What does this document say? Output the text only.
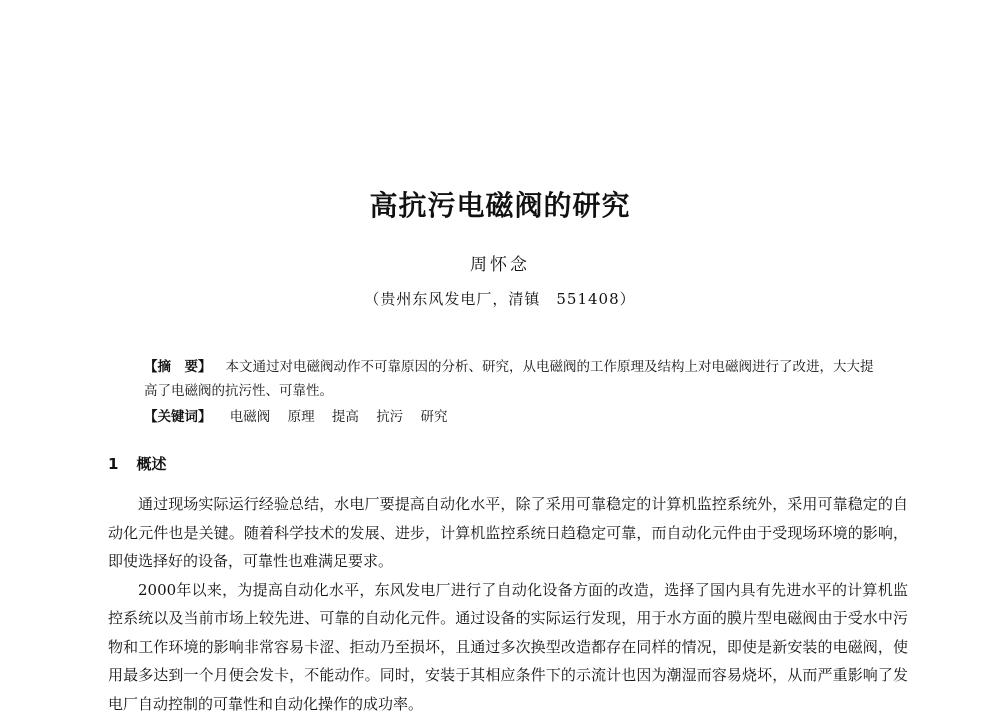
高抗污电磁阀的研究
周怀念
（贵州东风发电厂，清镇　551408）
【摘　要】 本文通过对电磁阀动作不可靠原因的分析、研究，从电磁阀的工作原理及结构上对电磁阀进行了改进，大大提高了电磁阀的抗污性、可靠性。
【关键词】 电磁阀 原理 提高 抗污 研究
1 概述

通过现场实际运行经验总结，水电厂要提高自动化水平，除了采用可靠稳定的计算机监控系统外，采用可靠稳定的自动化元件也是关键。随着科学技术的发展、进步，计算机监控系统日趋稳定可靠，而自动化元件由于受现场环境的影响，即使选择好的设备，可靠性也难满足要求。

2000年以来，为提高自动化水平，东风发电厂进行了自动化设备方面的改造，选择了国内具有先进水平的计算机监控系统以及当前市场上较先进、可靠的自动化元件。通过设备的实际运行发现，用于水方面的膜片型电磁阀由于受水中污物和工作环境的影响非常容易卡涩、拒动乃至损坏，且通过多次换型改造都存在同样的情况，即使是新安装的电磁阀，使用最多达到一个月便会发卡，不能动作。同时，安装于其相应条件下的示流计也因为潮湿而容易烧坏，从而严重影响了发电厂自动控制的可靠性和自动化操作的成功率。
